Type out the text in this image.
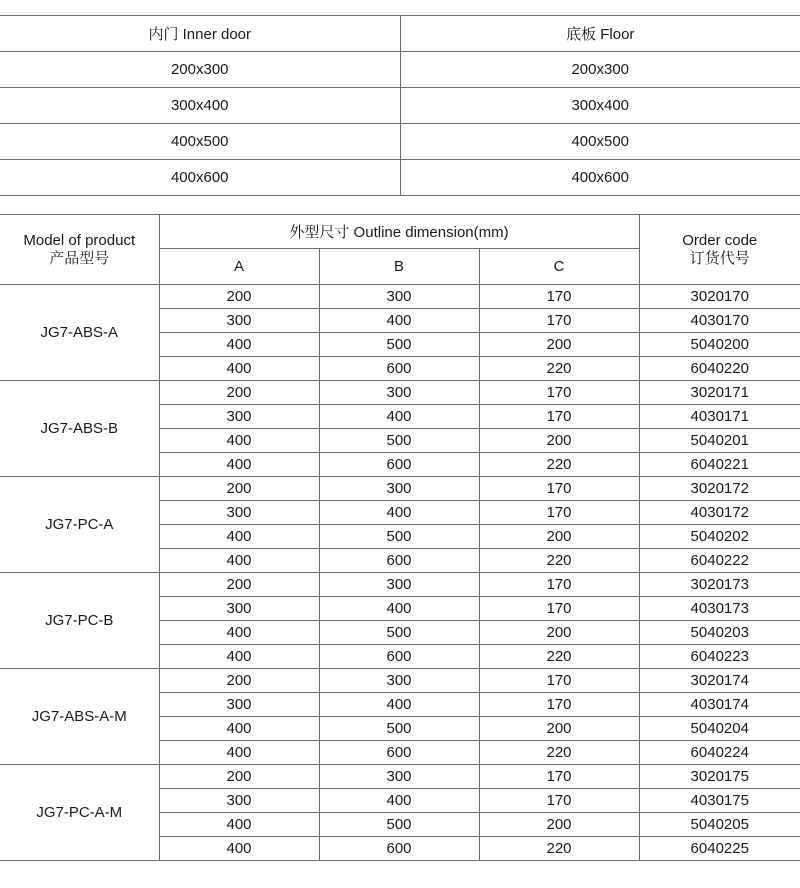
内门 Inner door	底板 Floor
200x300	200x300
300x400	300x400
400x500	400x500
400x600	400x600
Model of product
产品型号	外型尺寸 Outline dimension(mm)			Order code
订货代号

	A	B	C	
JG7-ABS-A	200	300	170	3020170
	300	400	170	4030170
	400	500	200	5040200
	400	600	220	6040220
JG7-ABS-B	200	300	170	3020171
	300	400	170	4030171
	400	500	200	5040201
	400	600	220	6040221
JG7-PC-A	200	300	170	3020172
	300	400	170	4030172
	400	500	200	5040202
	400	600	220	6040222
JG7-PC-B	200	300	170	3020173
	300	400	170	4030173
	400	500	200	5040203
	400	600	220	6040223
JG7-ABS-A-M	200	300	170	3020174
	300	400	170	4030174
	400	500	200	5040204
	400	600	220	6040224
JG7-PC-A-M	200	300	170	3020175
	300	400	170	4030175
	400	500	200	5040205
	400	600	220	6040225
